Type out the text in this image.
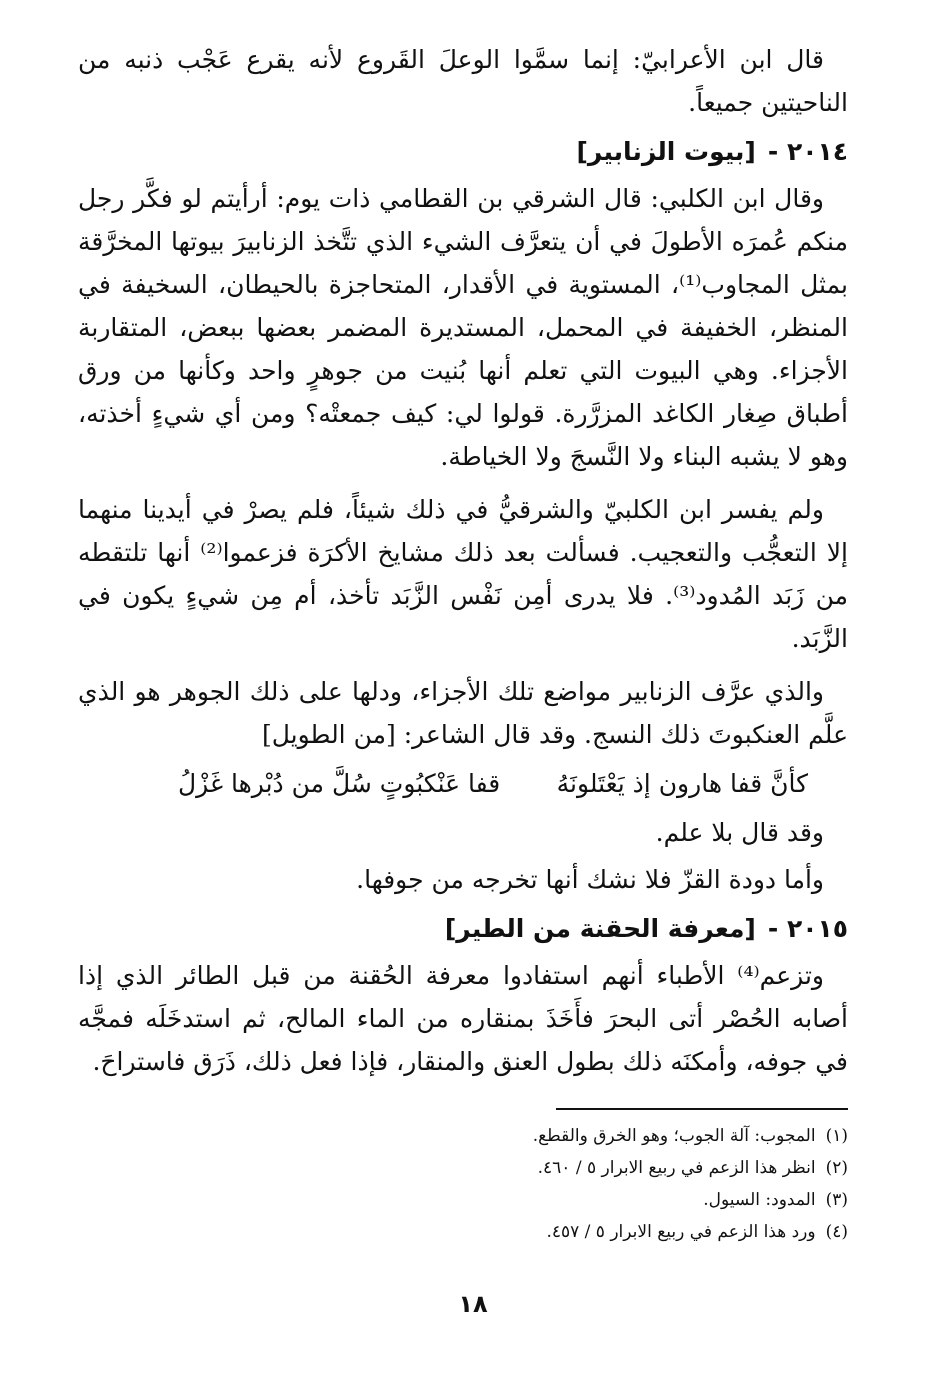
قال ابن الأعرابيّ: إنما سمَّوا الوعلَ القَروع لأنه يقرع عَجْب ذنبه من الناحيتين جميعاً.

٢٠١٤ -[بيوت الزنابير]

وقال ابن الكلبي: قال الشرقي بن القطامي ذات يوم: أرأيتم لو فكَّر رجل منكم عُمرَه الأطولَ في أن يتعرَّف الشيء الذي تتَّخذ الزنابيرَ بيوتها المخرَّقة بمثل المجاوب⁽¹⁾، المستوية في الأقدار، المتحاجزة بالحيطان، السخيفة في المنظر، الخفيفة في المحمل، المستديرة المضمر بعضها ببعض، المتقاربة الأجزاء. وهي البيوت التي تعلم أنها بُنيت من جوهرٍ واحد وكأنها من ورق أطباق صِغار الكاغد المزرَّرة. قولوا لي: كيف جمعتْه؟ ومن أي شيءٍ أخذته، وهو لا يشبه البناء ولا النَّسجَ ولا الخياطة.

ولم يفسر ابن الكلبيّ والشرقيُّ في ذلك شيئاً، فلم يصرْ في أيدينا منهما إلا التعجُّب والتعجيب. فسألت بعد ذلك مشايخ الأكرَة فزعموا⁽²⁾ أنها تلتقطه من زَبَد المُدود⁽³⁾. فلا يدرى أمِن نَفْس الزَّبَد تأخذ، أم مِن شيءٍ يكون في الزَّبَد.

والذي عرَّف الزنابير مواضع تلك الأجزاء، ودلها على ذلك الجوهر هو الذي علَّم العنكبوتَ ذلك النسج. وقد قال الشاعر: [من الطويل]

كأنَّ قفا هارون إذ يَعْتَلونَهُ
قفا عَنْكبُوتٍ سُلَّ من دُبْرها غَزْلُ

وقد قال بلا علم.

وأما دودة القزّ فلا نشك أنها تخرجه من جوفها.

٢٠١٥ -[معرفة الحقنة من الطير]

وتزعم⁽⁴⁾ الأطباء أنهم استفادوا معرفة الحُقنة من قبل الطائر الذي إذا أصابه الحُصْر أتى البحرَ فأَخَذَ بمنقاره من الماء المالح، ثم استدخَلَه فمجَّه في جوفه، وأمكنَه ذلك بطول العنق والمنقار، فإذا فعل ذلك، ذَرَق فاستراحَ.

(١)المجوب: آلة الجوب؛ وهو الخرق والقطع.
(٢)انظر هذا الزعم في ربيع الابرار ٥ / ٤٦٠.
(٣)المدود: السيول.
(٤)ورد هذا الزعم في ربيع الابرار ٥ / ٤٥٧.
١٨
